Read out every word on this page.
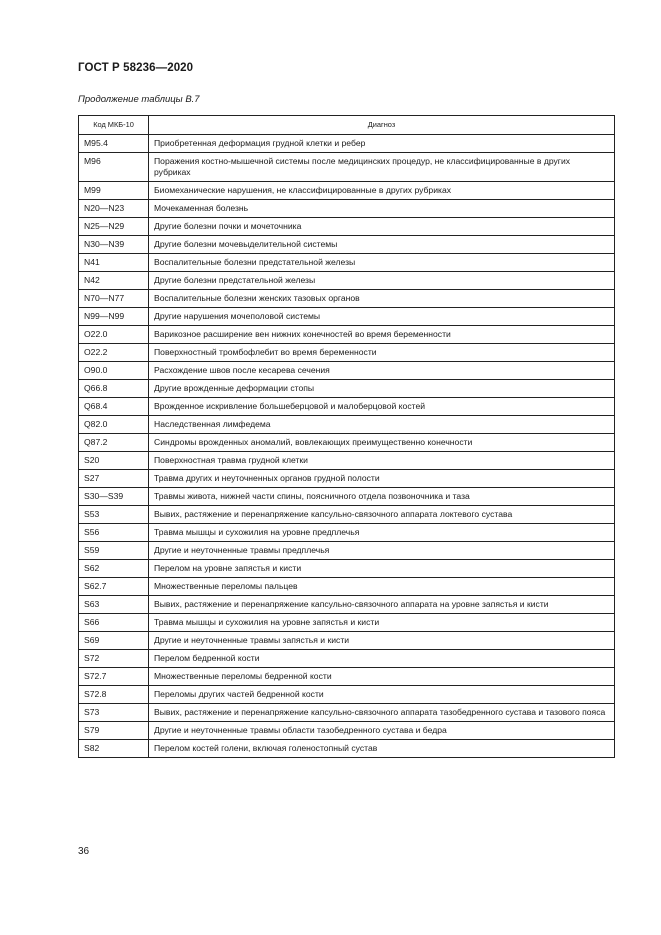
ГОСТ Р 58236—2020
Продолжение таблицы В.7
Код МКБ-10	Диагноз
M95.4	Приобретенная деформация грудной клетки и ребер
M96	Поражения костно-мышечной системы после медицинских процедур, не классифицированные в других рубриках
M99	Биомеханические нарушения, не классифицированные в других рубриках
N20—N23	Мочекаменная болезнь
N25—N29	Другие болезни почки и мочеточника
N30—N39	Другие болезни мочевыделительной системы
N41	Воспалительные болезни предстательной железы
N42	Другие болезни предстательной железы
N70—N77	Воспалительные болезни женских тазовых органов
N99—N99	Другие нарушения мочеполовой системы
O22.0	Варикозное расширение вен нижних конечностей во время беременности
O22.2	Поверхностный тромбофлебит во время беременности
O90.0	Расхождение швов после кесарева сечения
Q66.8	Другие врожденные деформации стопы
Q68.4	Врожденное искривление большеберцовой и малоберцовой костей
Q82.0	Наследственная лимфедема
Q87.2	Синдромы врожденных аномалий, вовлекающих преимущественно конечности
S20	Поверхностная травма грудной клетки
S27	Травма других и неуточненных органов грудной полости
S30—S39	Травмы живота, нижней части спины, поясничного отдела позвоночника и таза
S53	Вывих, растяжение и перенапряжение капсульно-связочного аппарата локтевого сустава
S56	Травма мышцы и сухожилия на уровне предплечья
S59	Другие и неуточненные травмы предплечья
S62	Перелом на уровне запястья и кисти
S62.7	Множественные переломы пальцев
S63	Вывих, растяжение и перенапряжение капсульно-связочного аппарата на уровне запястья и кисти
S66	Травма мышцы и сухожилия на уровне запястья и кисти
S69	Другие и неуточненные травмы запястья и кисти
S72	Перелом бедренной кости
S72.7	Множественные переломы бедренной кости
S72.8	Переломы других частей бедренной кости
S73	Вывих, растяжение и перенапряжение капсульно-связочного аппарата тазобедренного сустава и тазового пояса
S79	Другие и неуточненные травмы области тазобедренного сустава и бедра
S82	Перелом костей голени, включая голеностопный сустав
36
